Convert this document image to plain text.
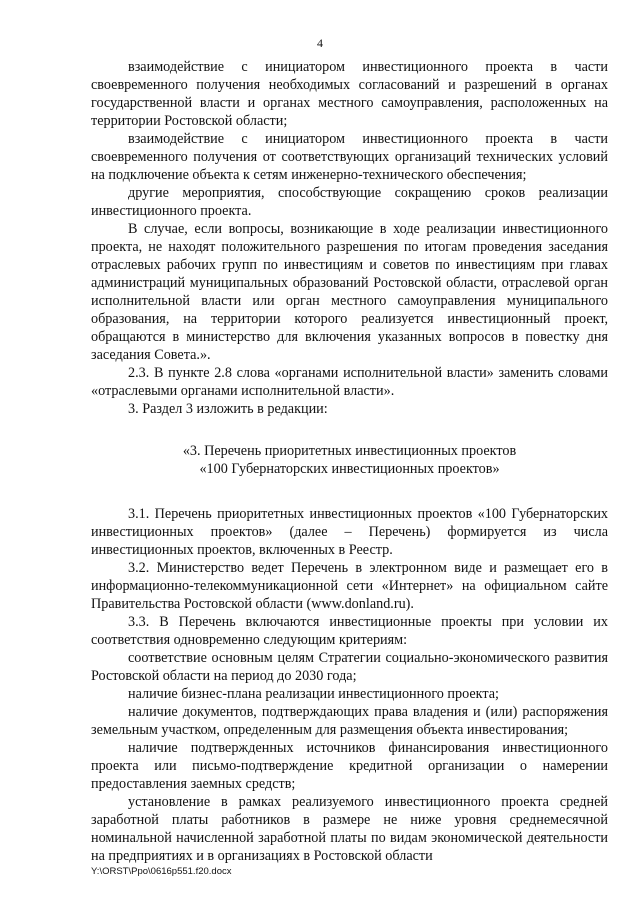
4

взаимодействие с инициатором инвестиционного проекта в части своевременного получения необходимых согласований и разрешений в органах государственной власти и органах местного самоуправления, расположенных на территории Ростовской области;

взаимодействие с инициатором инвестиционного проекта в части своевременного получения от соответствующих организаций технических условий на подключение объекта к сетям инженерно-технического обеспечения;

другие мероприятия, способствующие сокращению сроков реализации инвестиционного проекта.

В случае, если вопросы, возникающие в ходе реализации инвестиционного проекта, не находят положительного разрешения по итогам проведения заседания отраслевых рабочих групп по инвестициям и советов по инвестициям при главах администраций муниципальных образований Ростовской области, отраслевой орган исполнительной власти или орган местного самоуправления муниципального образования, на территории которого реализуется инвестиционный проект, обращаются в министерство для включения указанных вопросов в повестку дня заседания Совета.».

2.3. В пункте 2.8 слова «органами исполнительной власти» заменить словами «отраслевыми органами исполнительной власти».

3. Раздел 3 изложить в редакции:

«3. Перечень приоритетных инвестиционных проектов
«100 Губернаторских инвестиционных проектов»

3.1. Перечень приоритетных инвестиционных проектов «100 Губернаторских инвестиционных проектов» (далее – Перечень) формируется из числа инвестиционных проектов, включенных в Реестр.

3.2. Министерство ведет Перечень в электронном виде и размещает его в информационно-телекоммуникационной сети «Интернет» на официальном сайте Правительства Ростовской области (www.donland.ru).

3.3. В Перечень включаются инвестиционные проекты при условии их соответствия одновременно следующим критериям:

соответствие основным целям Стратегии социально-экономического развития Ростовской области на период до 2030 года;

наличие бизнес-плана реализации инвестиционного проекта;

наличие документов, подтверждающих права владения и (или) распоряжения земельным участком, определенным для размещения объекта инвестирования;

наличие подтвержденных источников финансирования инвестиционного проекта или письмо-подтверждение кредитной организации о намерении предоставления заемных средств;

установление в рамках реализуемого инвестиционного проекта средней заработной платы работников в размере не ниже уровня среднемесячной номинальной начисленной заработной платы по видам экономической деятельности на предприятиях и в организациях в Ростовской области

Y:\ORST\Ppo\0616p551.f20.docx
